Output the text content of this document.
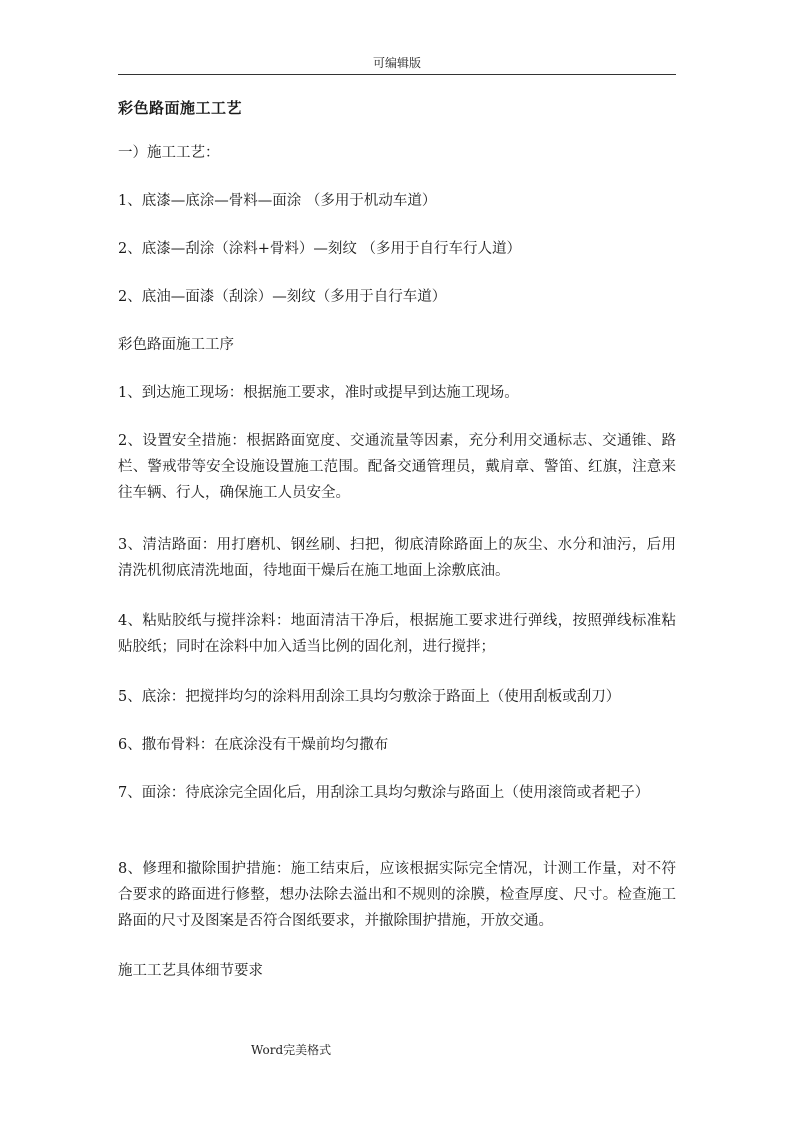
可编辑版
彩色路面施工工艺

一）施工工艺：

1、底漆—底涂—骨料—面涂 （多用于机动车道）

2、底漆—刮涂（涂料+骨料）—刻纹 （多用于自行车行人道）

2、底油—面漆（刮涂）—刻纹（多用于自行车道）

彩色路面施工工序

1、到达施工现场：根据施工要求，准时或提早到达施工现场。

2、设置安全措施：根据路面宽度、交通流量等因素，充分利用交通标志、交通锥、路栏、警戒带等安全设施设置施工范围。配备交通管理员，戴肩章、警笛、红旗，注意来往车辆、行人，确保施工人员安全。

3、清洁路面：用打磨机、钢丝刷、扫把，彻底清除路面上的灰尘、水分和油污，后用清洗机彻底清洗地面，待地面干燥后在施工地面上涂敷底油。

4、粘贴胶纸与搅拌涂料：地面清洁干净后，根据施工要求进行弹线，按照弹线标准粘贴胶纸；同时在涂料中加入适当比例的固化剂，进行搅拌；

5、底涂：把搅拌均匀的涂料用刮涂工具均匀敷涂于路面上（使用刮板或刮刀）

6、撒布骨料：在底涂没有干燥前均匀撒布

7、面涂：待底涂完全固化后，用刮涂工具均匀敷涂与路面上（使用滚筒或者耙子）

8、修理和撤除围护措施：施工结束后，应该根据实际完全情况，计测工作量，对不符合要求的路面进行修整，想办法除去溢出和不规则的涂膜，检查厚度、尺寸。检查施工路面的尺寸及图案是否符合图纸要求，并撤除围护措施，开放交通。

施工工艺具体细节要求

Word完美格式
